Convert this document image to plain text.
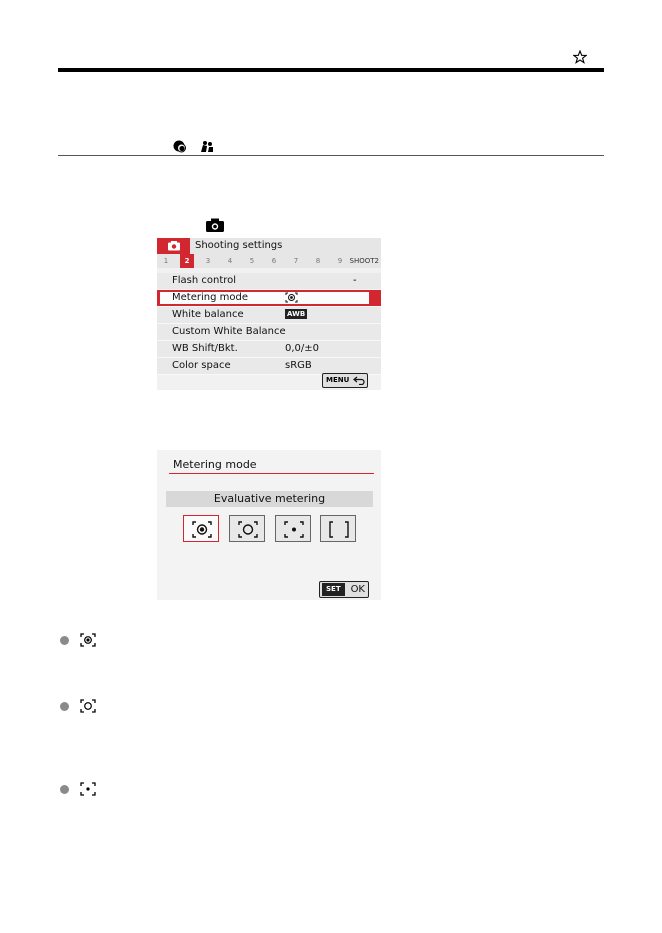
Shooting settings
1	2	3	4	5	6	7	8	9	SHOOT2
Flash control	-
Metering mode
White balance	AWB
Custom White Balance
WB Shift/Bkt.	0,0/±0
Color space	sRGB
MENU
Metering mode
Evaluative metering
SET OK
